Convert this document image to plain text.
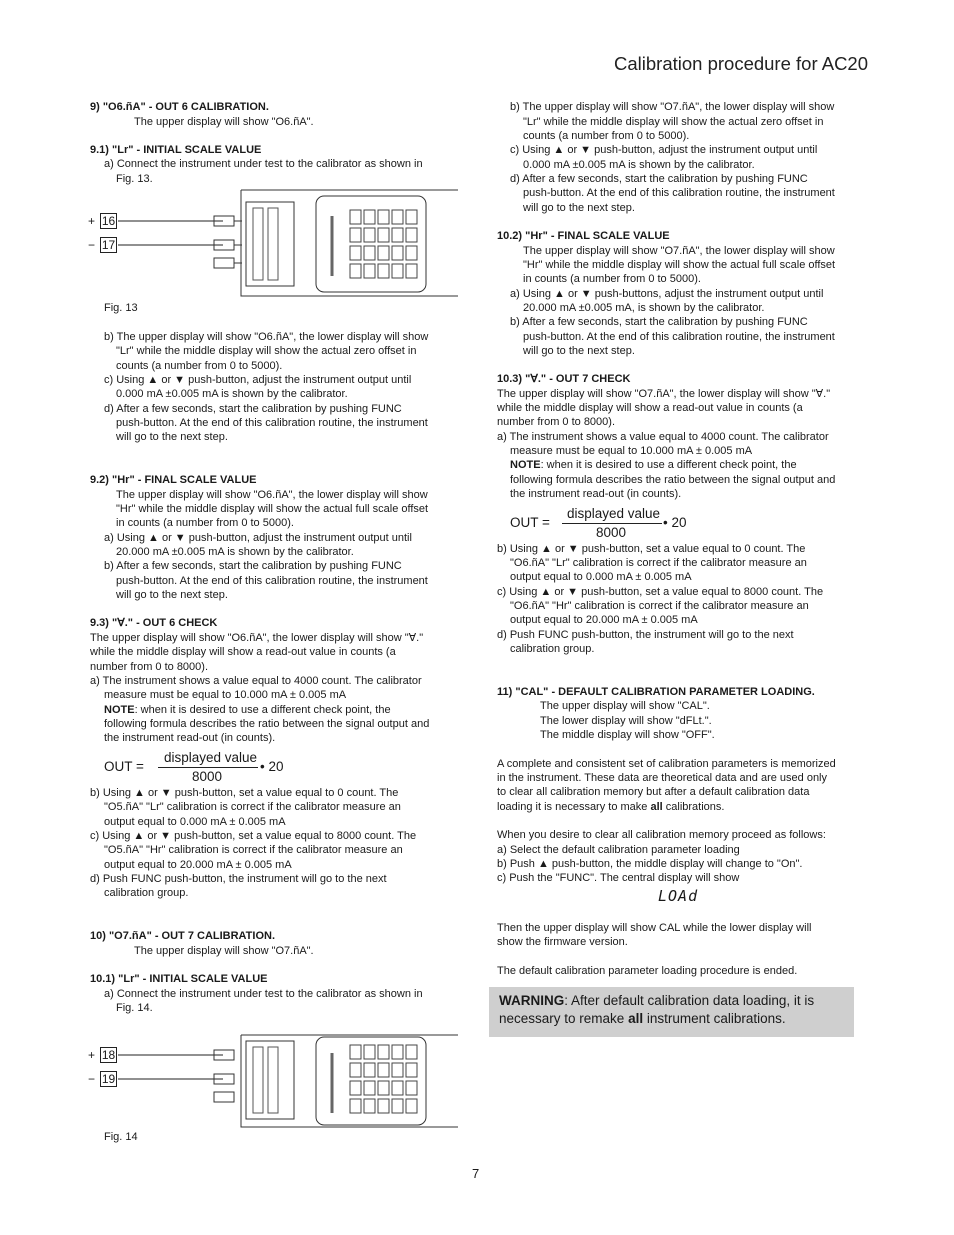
Calibration procedure for AC20
9) "O6.ñA" - OUT 6 CALIBRATION.
The upper display will show "O6.ñA".
9.1) "Lr" - INITIAL SCALE VALUE
a) Connect the instrument under test to the calibrator as shown in
Fig. 13.
Fig. 13
b) The upper display will show "O6.ñA", the lower display will show
"Lr" while the middle display will show the actual zero offset in
counts (a number from 0 to 5000).
c) Using ▲ or ▼ push-button, adjust the instrument output until
0.000 mA ±0.005 mA is shown by the calibrator.
d) After a few seconds, start the calibration by pushing FUNC
push-button. At the end of this calibration routine, the instrument
will go to the next step.
9.2) "Hr" - FINAL SCALE VALUE
The upper display will show "O6.ñA", the lower display will show
"Hr" while the middle display will show the actual full scale offset
in counts (a number from 0 to 5000).
a) Using ▲ or ▼ push-button, adjust the instrument output until
20.000 mA ±0.005 mA is shown by the calibrator.
b) After a few seconds, start the calibration by pushing FUNC
push-button. At the end of this calibration routine, the instrument
will go to the next step.
9.3) "∀." - OUT 6 CHECK
The upper display will show "O6.ñA", the lower display will show "∀."
while the middle display will show a read-out value in counts (a
number from 0 to 8000).
a) The instrument shows a value equal to 4000 count. The calibrator
measure must be equal to 10.000 mA ± 0.005 mA
NOTE: when it is desired to use a different check point, the
following formula describes the ratio between the signal output and
the instrument read-out (in counts).
b) Using ▲ or ▼ push-button, set a value equal to 0 count. The
"O5.ñA" "Lr" calibration is correct if the calibrator measure an
output equal to 0.000 mA ± 0.005 mA
c) Using ▲ or ▼ push-button, set a value equal to 8000 count. The
"O5.ñA" "Hr" calibration is correct if the calibrator measure an
output equal to 20.000 mA ± 0.005 mA
d) Push FUNC push-button, the instrument will go to the next
calibration group.
10) "O7.ñA" - OUT 7 CALIBRATION.
The upper display will show "O7.ñA".
10.1) "Lr" - INITIAL SCALE VALUE
a) Connect the instrument under test to the calibrator as shown in
Fig. 14.
Fig. 14
b) The upper display will show "O7.ñA", the lower display will show
"Lr" while the middle display will show the actual zero offset in
counts (a number from 0 to 5000).
c) Using ▲ or ▼ push-button, adjust the instrument output until
0.000 mA ±0.005 mA is shown by the calibrator.
d) After a few seconds, start the calibration by pushing FUNC
push-button. At the end of this calibration routine, the instrument
will go to the next step.
10.2) "Hr" - FINAL SCALE VALUE
The upper display will show "O7.ñA", the lower display will show
"Hr" while the middle display will show the actual full scale offset
in counts (a number from 0 to 5000).
a) Using ▲ or ▼ push-buttons, adjust the instrument output until
20.000 mA ±0.005 mA, is shown by the calibrator.
b) After a few seconds, start the calibration by pushing FUNC
push-button. At the end of this calibration routine, the instrument
will go to the next step.
10.3) "∀." - OUT 7 CHECK
The upper display will show "O7.ñA", the lower display will show "∀."
while the middle display will show a read-out value in counts (a
number from 0 to 8000).
a) The instrument shows a value equal to 4000 count. The calibrator
measure must be equal to 10.000 mA ± 0.005 mA
NOTE: when it is desired to use a different check point, the
following formula describes the ratio between the signal output and
the instrument read-out (in counts).
b) Using ▲ or ▼ push-button, set a value equal to 0 count. The
"O6.ñA" "Lr" calibration is correct if the calibrator measure an
output equal to 0.000 mA ± 0.005 mA
c) Using ▲ or ▼ push-button, set a value equal to 8000 count. The
"O6.ñA" "Hr" calibration is correct if the calibrator measure an
output equal to 20.000 mA ± 0.005 mA
d) Push FUNC push-button, the instrument will go to the next
calibration group.
11) "CAL" - DEFAULT CALIBRATION PARAMETER LOADING.
The upper display will show "CAL".
The lower display will show "dFLt.".
The middle display will show "OFF".
A complete and consistent set of calibration parameters is memorized
in the instrument. These data are theoretical data and are used only
to clear all calibration memory but after a default calibration data
loading it is necessary to make all calibrations.
When you desire to clear all calibration memory proceed as follows:
a) Select the default calibration parameter loading
b) Push ▲ push-button, the middle display will change to "On".
c) Push the "FUNC". The central display will show
Then the upper display will show CAL while the lower display will
show the firmware version.
The default calibration parameter loading procedure is ended.
OUT =
displayed value
8000
• 20
OUT =
displayed value
8000
• 20
LOAd
+ 16
− 17
+ 18
− 19
WARNING: After default calibration data loading, it is
necessary to remake all instrument calibrations.
7
